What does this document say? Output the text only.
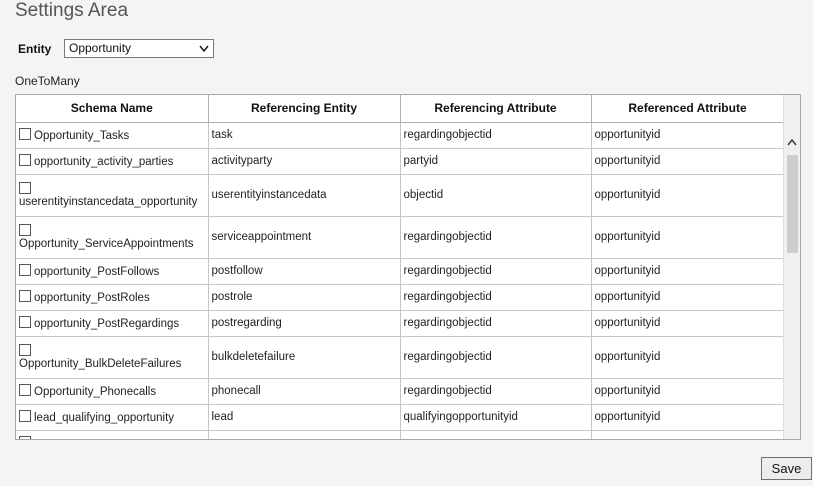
Settings Area
Entity	Opportunity
OneToMany
Schema Name	Referencing Entity	Referencing Attribute	Referenced Attribute
Opportunity_Tasks	task	regardingobjectid	opportunityid
opportunity_activity_parties	activityparty	partyid	opportunityid

userentityinstancedata_opportunity	userentityinstancedata	objectid	opportunityid

Opportunity_ServiceAppointments	serviceappointment	regardingobjectid	opportunityid
opportunity_PostFollows	postfollow	regardingobjectid	opportunityid
opportunity_PostRoles	postrole	regardingobjectid	opportunityid
opportunity_PostRegardings	postregarding	regardingobjectid	opportunityid

Opportunity_BulkDeleteFailures	bulkdeletefailure	regardingobjectid	opportunityid
Opportunity_Phonecalls	phonecall	regardingobjectid	opportunityid
lead_qualifying_opportunity	lead	qualifyingopportunityid	opportunityid

Save
